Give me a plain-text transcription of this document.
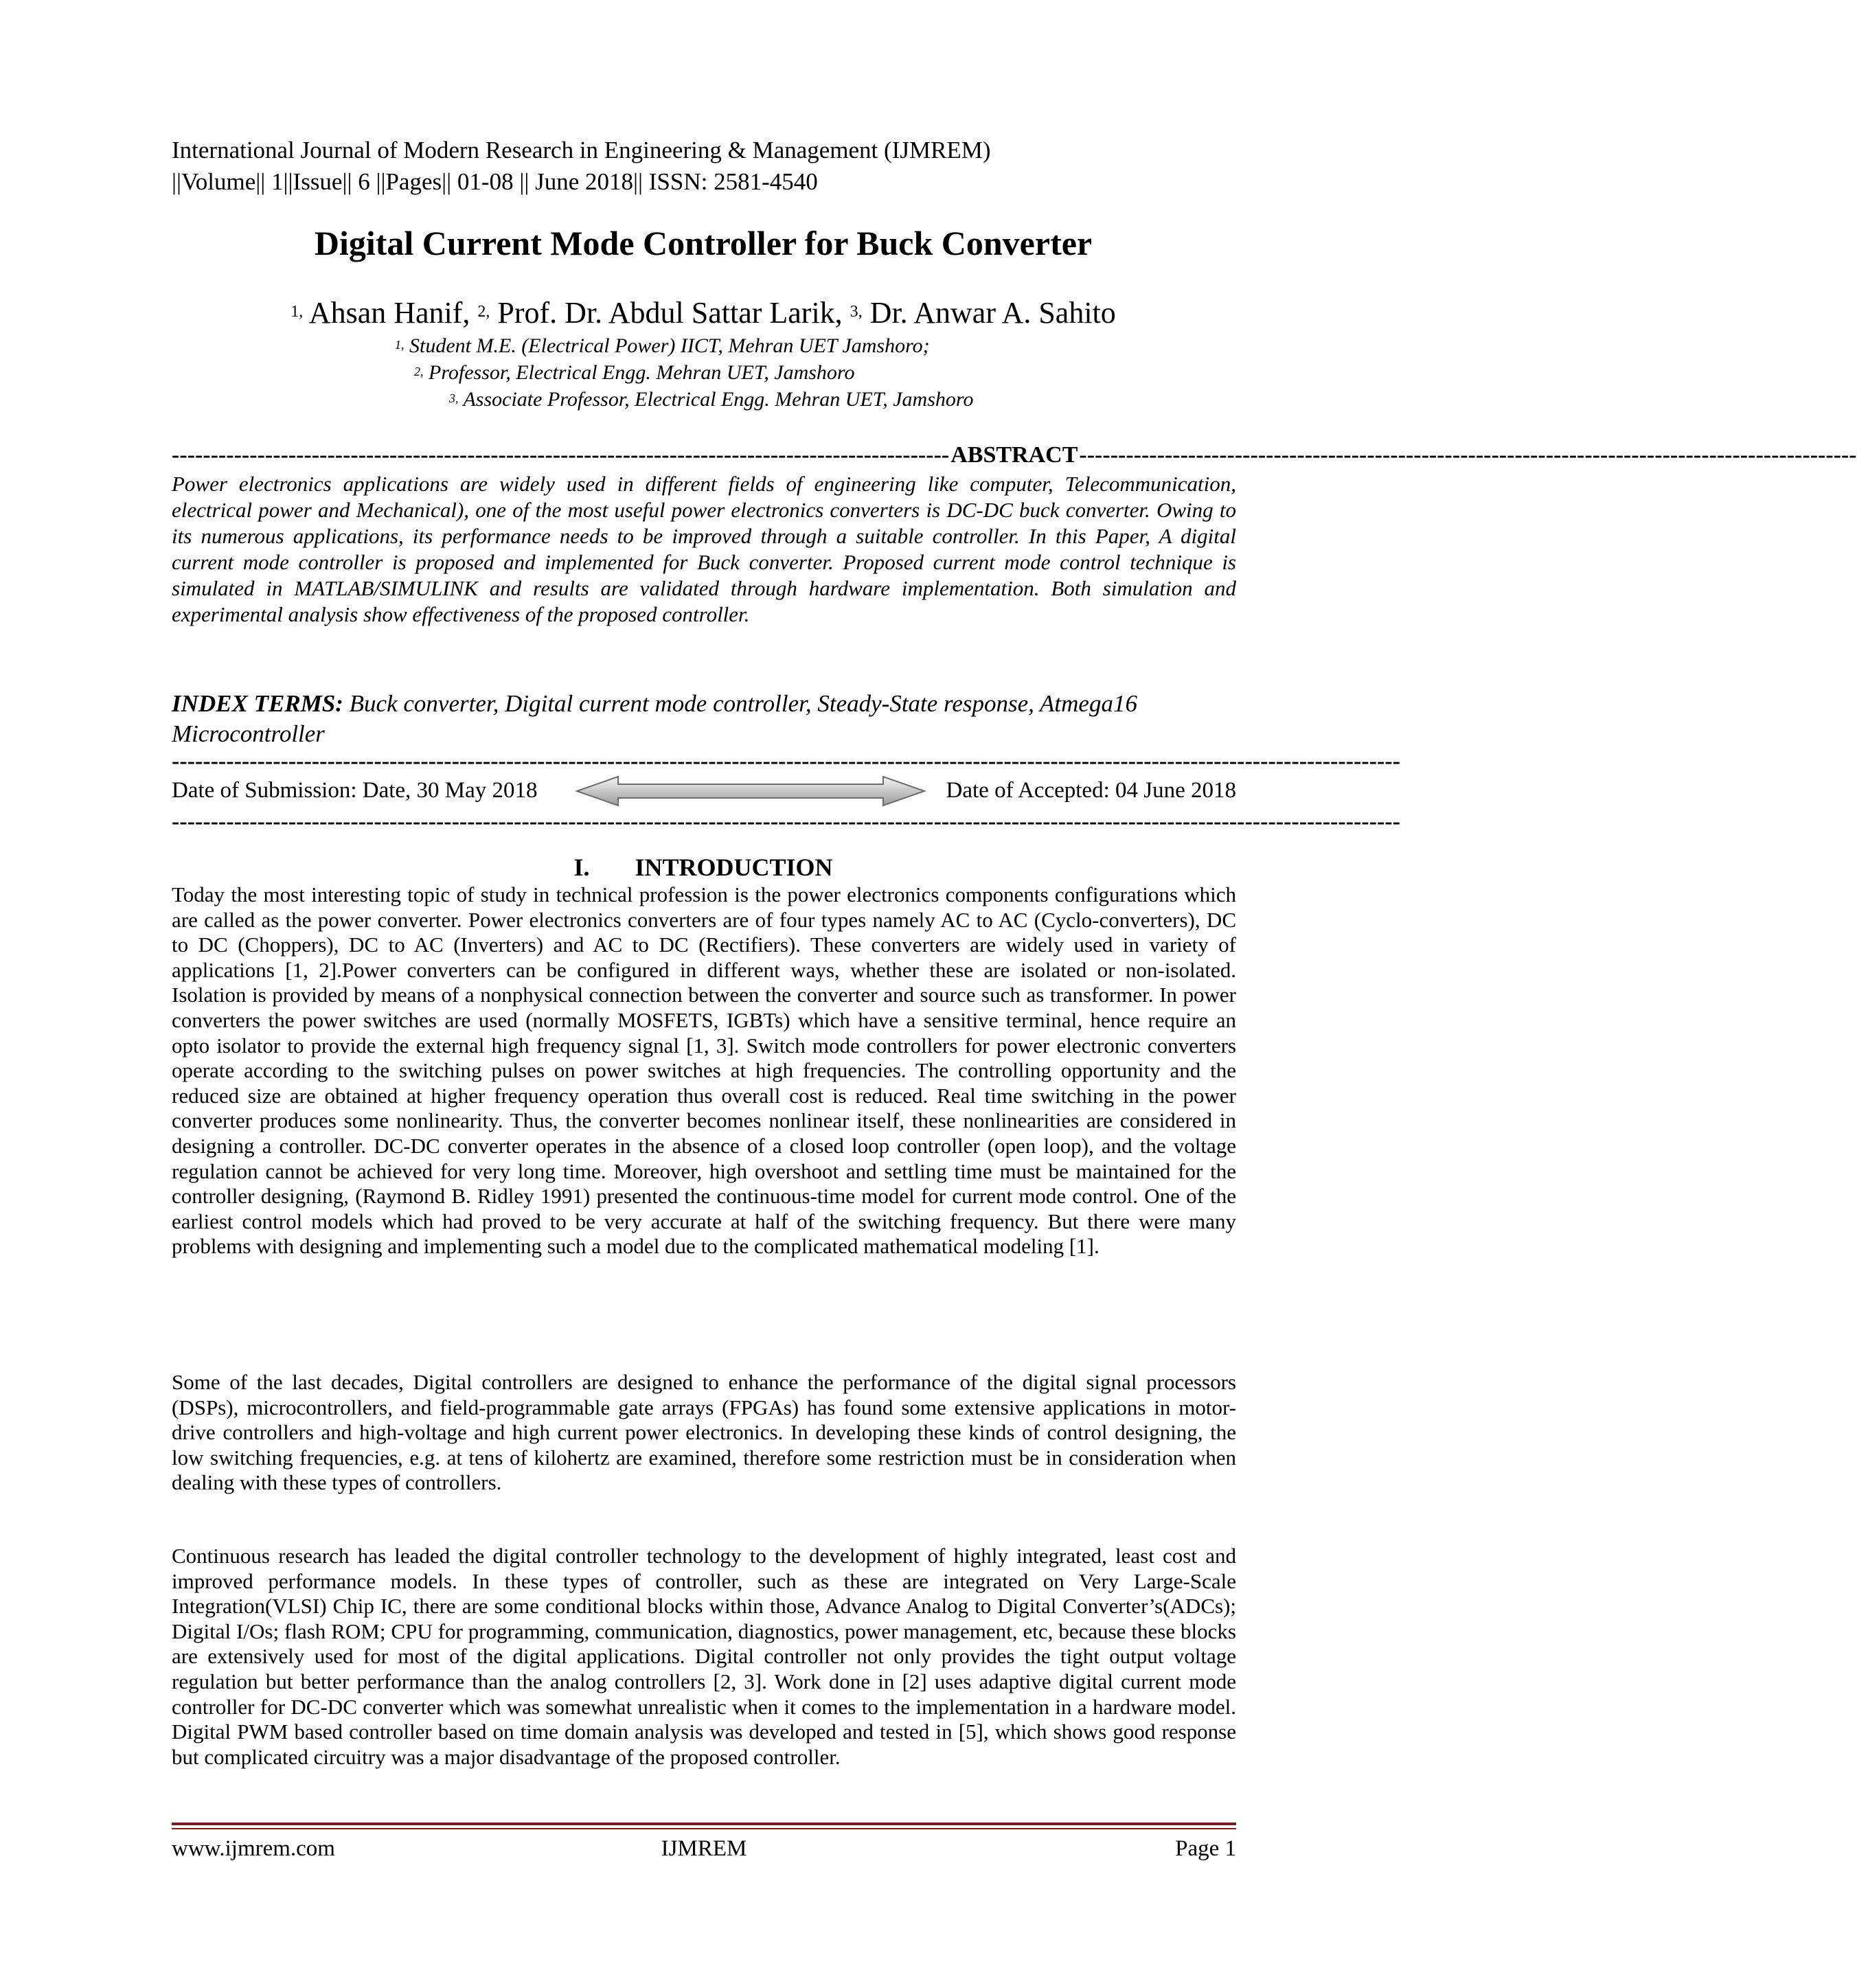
International Journal of Modern Research in Engineering & Management (IJMREM)
||Volume|| 1||Issue|| 6 ||Pages|| 01-08 || June 2018|| ISSN: 2581-4540
Digital Current Mode Controller for Buck Converter
$^{1,}$ Ahsan Hanif, $^{2,}$ Prof. Dr. Abdul Sattar Larik, $^{3,}$ Dr. Anwar A. Sahito
$^{1,}$ Student M.E. (Electrical Power) IICT, Mehran UET Jamshoro;
$^{2,}$ Professor, Electrical Engg. Mehran UET, Jamshoro
$^{3,}$ Associate Professor, Electrical Engg. Mehran UET, Jamshoro
---------------------------------------------------------------------------------------------------- ABSTRACT ----------------------------------------------------------------------------------------------------
Power electronics applications are widely used in different fields of engineering like computer, Telecommunication, electrical power and Mechanical), one of the most useful power electronics converters is DC-DC buck converter. Owing to its numerous applications, its performance needs to be improved through a suitable controller. In this Paper, A digital current mode controller is proposed and implemented for Buck converter. Proposed current mode control technique is simulated in MATLAB/SIMULINK and results are validated through hardware implementation. Both simulation and experimental analysis show effectiveness of the proposed controller.
INDEX TERMS: Buck converter, Digital current mode controller, Steady-State response, Atmega16 Microcontroller
--------------------------------------------------------------------------------------------------------------------------------------------------------------
Date of Submission: Date, 30 May 2018	Date of Accepted: 04 June 2018
--------------------------------------------------------------------------------------------------------------------------------------------------------------
I. INTRODUCTION
Today the most interesting topic of study in technical profession is the power electronics components configurations which are called as the power converter. Power electronics converters are of four types namely AC to AC (Cyclo-converters), DC to DC (Choppers), DC to AC (Inverters) and AC to DC (Rectifiers). These converters are widely used in variety of applications [1, 2].Power converters can be configured in different ways, whether these are isolated or non-isolated. Isolation is provided by means of a nonphysical connection between the converter and source such as transformer. In power converters the power switches are used (normally MOSFETS, IGBTs) which have a sensitive terminal, hence require an opto isolator to provide the external high frequency signal [1, 3]. Switch mode controllers for power electronic converters operate according to the switching pulses on power switches at high frequencies. The controlling opportunity and the reduced size are obtained at higher frequency operation thus overall cost is reduced. Real time switching in the power converter produces some nonlinearity. Thus, the converter becomes nonlinear itself, these nonlinearities are considered in designing a controller. DC-DC converter operates in the absence of a closed loop controller (open loop), and the voltage regulation cannot be achieved for very long time. Moreover, high overshoot and settling time must be maintained for the controller designing, (Raymond B. Ridley 1991) presented the continuous-time model for current mode control. One of the earliest control models which had proved to be very accurate at half of the switching frequency. But there were many problems with designing and implementing such a model due to the complicated mathematical modeling [1].
Some of the last decades, Digital controllers are designed to enhance the performance of the digital signal processors (DSPs), microcontrollers, and field-programmable gate arrays (FPGAs) has found some extensive applications in motor-drive controllers and high-voltage and high current power electronics. In developing these kinds of control designing, the low switching frequencies, e.g. at tens of kilohertz are examined, therefore some restriction must be in consideration when dealing with these types of controllers.
Continuous research has leaded the digital controller technology to the development of highly integrated, least cost and improved performance models. In these types of controller, such as these are integrated on Very Large-Scale Integration(VLSI) Chip IC, there are some conditional blocks within those, Advance Analog to Digital Converter’s(ADCs); Digital I/Os; flash ROM; CPU for programming, communication, diagnostics, power management, etc, because these blocks are extensively used for most of the digital applications. Digital controller not only provides the tight output voltage regulation but better performance than the analog controllers [2, 3]. Work done in [2] uses adaptive digital current mode controller for DC-DC converter which was somewhat unrealistic when it comes to the implementation in a hardware model. Digital PWM based controller based on time domain analysis was developed and tested in [5], which shows good response but complicated circuitry was a major disadvantage of the proposed controller.
www.ijmrem.com	IJMREM	Page 1
